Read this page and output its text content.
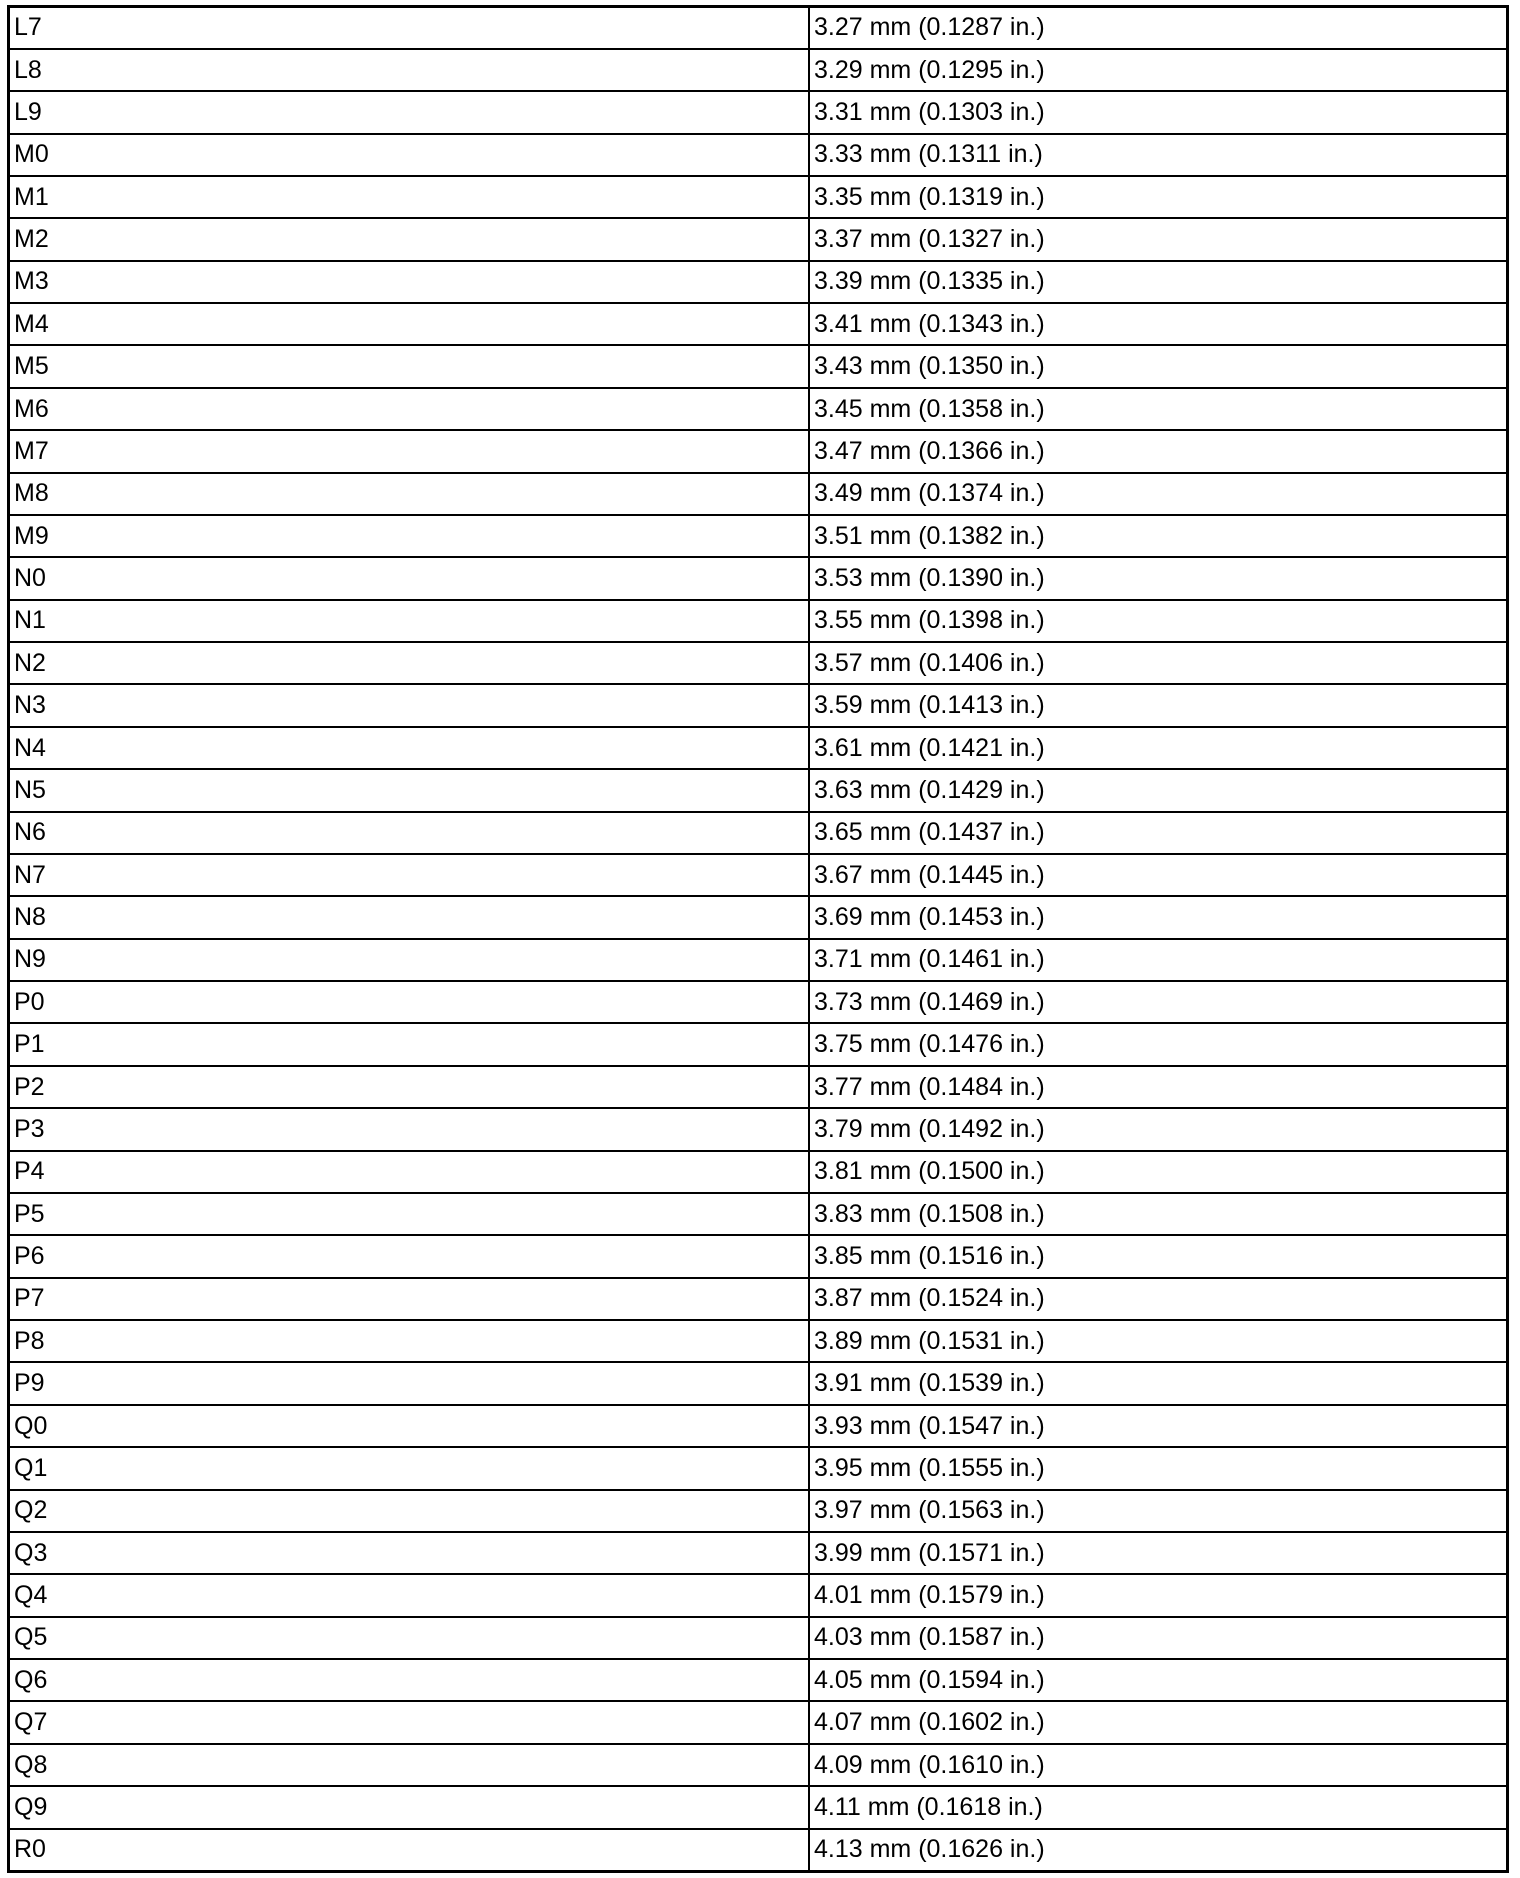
L7	3.27 mm (0.1287 in.)
L8	3.29 mm (0.1295 in.)
L9	3.31 mm (0.1303 in.)
M0	3.33 mm (0.1311 in.)
M1	3.35 mm (0.1319 in.)
M2	3.37 mm (0.1327 in.)
M3	3.39 mm (0.1335 in.)
M4	3.41 mm (0.1343 in.)
M5	3.43 mm (0.1350 in.)
M6	3.45 mm (0.1358 in.)
M7	3.47 mm (0.1366 in.)
M8	3.49 mm (0.1374 in.)
M9	3.51 mm (0.1382 in.)
N0	3.53 mm (0.1390 in.)
N1	3.55 mm (0.1398 in.)
N2	3.57 mm (0.1406 in.)
N3	3.59 mm (0.1413 in.)
N4	3.61 mm (0.1421 in.)
N5	3.63 mm (0.1429 in.)
N6	3.65 mm (0.1437 in.)
N7	3.67 mm (0.1445 in.)
N8	3.69 mm (0.1453 in.)
N9	3.71 mm (0.1461 in.)
P0	3.73 mm (0.1469 in.)
P1	3.75 mm (0.1476 in.)
P2	3.77 mm (0.1484 in.)
P3	3.79 mm (0.1492 in.)
P4	3.81 mm (0.1500 in.)
P5	3.83 mm (0.1508 in.)
P6	3.85 mm (0.1516 in.)
P7	3.87 mm (0.1524 in.)
P8	3.89 mm (0.1531 in.)
P9	3.91 mm (0.1539 in.)
Q0	3.93 mm (0.1547 in.)
Q1	3.95 mm (0.1555 in.)
Q2	3.97 mm (0.1563 in.)
Q3	3.99 mm (0.1571 in.)
Q4	4.01 mm (0.1579 in.)
Q5	4.03 mm (0.1587 in.)
Q6	4.05 mm (0.1594 in.)
Q7	4.07 mm (0.1602 in.)
Q8	4.09 mm (0.1610 in.)
Q9	4.11 mm (0.1618 in.)
R0	4.13 mm (0.1626 in.)
